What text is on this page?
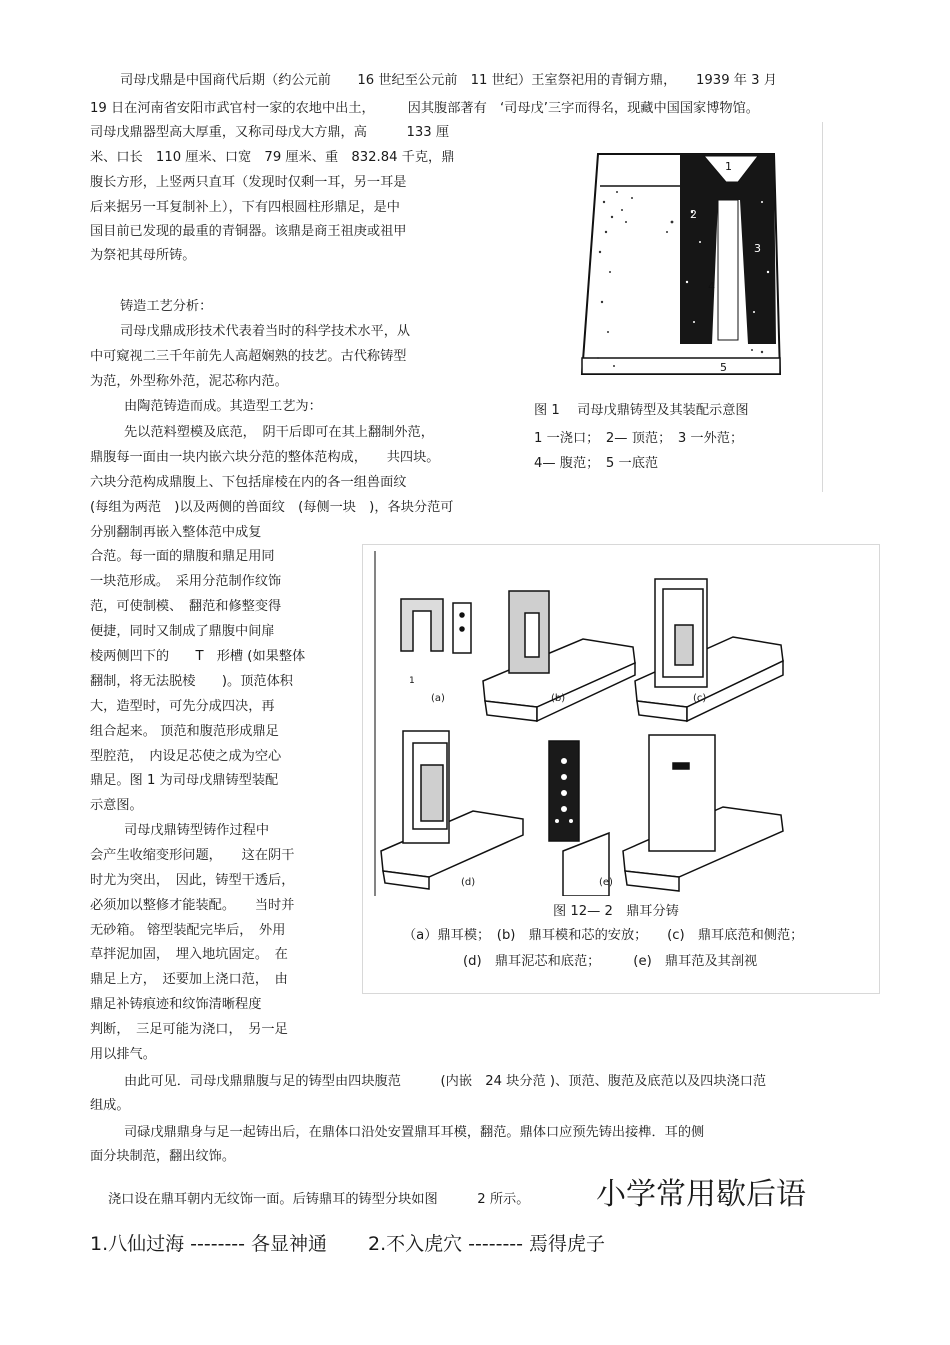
司母戊鼎是中国商代后期（约公元前　　16 世纪至公元前　11 世纪）王室祭祀用的青铜方鼎，　　1939 年 3 月
19 日在河南省安阳市武官村一家的农地中出土，　　　因其腹部著有　‘司母戊’三字而得名，现藏中国国家博物馆。
司母戊鼎器型高大厚重，又称司母戊大方鼎，高　　　133 厘
米、口长　110 厘米、口宽　79 厘米、重　832.84 千克，鼎
腹长方形，上竖两只直耳（发现时仅剩一耳，另一耳是
后来据另一耳复制补上），下有四根圆柱形鼎足，是中
国目前已发现的最重的青铜器。该鼎是商王祖庚或祖甲
为祭祀其母所铸。
1
2
3
4
5
图 1　 司母戊鼎铸型及其装配示意图
1 一浇口；　2— 顶范；　3 一外范；
4— 腹范；　5 一底范
铸造工艺分析：
司母戊鼎成形技术代表着当时的科学技术水平，从
中可窥视二三千年前先人高超娴熟的技艺。古代称铸型
为范，外型称外范，泥芯称内范。
由陶范铸造而成。其造型工艺为：
先以范料塑模及底范，　阴干后即可在其上翻制外范，
鼎腹每一面由一块内嵌六块分范的整体范构成，　　共四块。
六块分范构成鼎腹上、下包括扉棱在内的各一组兽面纹
(每组为两范　)以及两侧的兽面纹　(每侧一块　)，各块分范可
分别翻制再嵌入整体范中成复
合范。每一面的鼎腹和鼎足用同
一块范形成。　采用分范制作纹饰
范，可使制模、　翻范和修整变得
便捷，同时又制成了鼎腹中间扉
棱两侧凹下的　　T　形槽 (如果整体
翻制，将无法脱棱　　)。顶范体积
大，造型时，可先分成四决，再
组合起来。 顶范和腹范形成鼎足
型腔范，　内设足芯使之成为空心
鼎足。图 1 为司母戊鼎铸型装配
示意图。
司母戊鼎铸型铸作过程中
会产生收缩变形问题，　　这在阴干
时尤为突出，　因此，铸型干透后，
必须加以整修才能装配。　　当时并
无砂箱。 镕型装配完毕后，　外用
草拌泥加固，　埋入地坑固定。　在
鼎足上方，　还要加上浇口范，　由
鼎足补铸痕迹和纹饰清晰程度
判断，　三足可能为浇口，　另一足
用以排气。
1
(a)	(b)	(c)
(d)	(e)
图 12— 2　鼎耳分铸
（a）鼎耳模；　(b)　鼎耳模和芯的安放；　　(c)　鼎耳底范和侧范；
(d)　鼎耳泥芯和底范；　　　(e)　鼎耳范及其剖视
由此可见．司母戊鼎鼎腹与足的铸型由四块腹范　　　(内嵌　24 块分范 )、顶范、腹范及底范以及四块浇口范
组成。
司碌戊鼎鼎身与足一起铸出后，在鼎体口沿处安置鼎耳耳模，翻范。鼎体口应预先铸出接榫．耳的侧
面分块制范，翻出纹饰。
浇口设在鼎耳朝内无纹饰一面。后铸鼎耳的铸型分块如图　　　2 所示。 小学常用歇后语
1.八仙过海 -------- 各显神通 2.不入虎穴 -------- 焉得虎子
